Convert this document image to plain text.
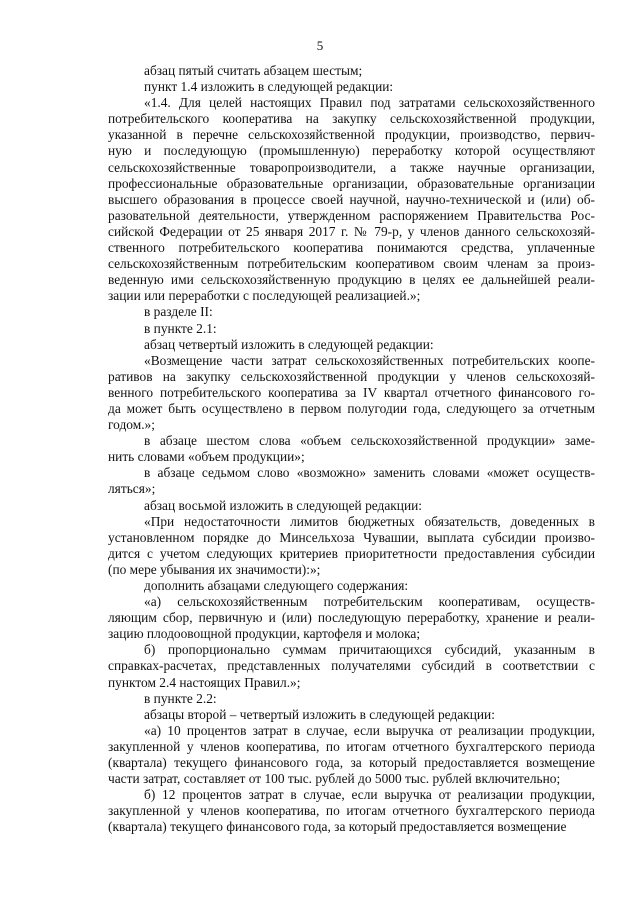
5
абзац пятый считать абзацем шестым;
пункт 1.4 изложить в следующей редакции:
«1.4. Для целей настоящих Правил под затратами сельскохозяйственного
потребительского кооператива на закупку сельскохозяйственной продукции,
указанной в перечне сельскохозяйственной продукции, производство, первич-
ную и последующую (промышленную) переработку которой осуществляют
сельскохозяйственные товаропроизводители, а также научные организации,
профессиональные образовательные организации, образовательные организации
высшего образования в процессе своей научной, научно-технической и (или) об-
разовательной деятельности, утвержденном распоряжением Правительства Рос-
сийской Федерации от 25 января 2017 г. № 79-р, у членов данного сельскохозяй-
ственного потребительского кооператива понимаются средства, уплаченные
сельскохозяйственным потребительским кооперативом своим членам за произ-
веденную ими сельскохозяйственную продукцию в целях ее дальнейшей реали-
зации или переработки с последующей реализацией.»;
в разделе II:
в пункте 2.1:
абзац четвертый изложить в следующей редакции:
«Возмещение части затрат сельскохозяйственных потребительских коопе-
ративов на закупку сельскохозяйственной продукции у членов сельскохозяй-
венного потребительского кооператива за IV квартал отчетного финансового го-
да может быть осуществлено в первом полугодии года, следующего за отчетным
годом.»;
в абзаце шестом слова «объем сельскохозяйственной продукции» заме-
нить словами «объем продукции»;
в абзаце седьмом слово «возможно» заменить словами «может осуществ-
ляться»;
абзац восьмой изложить в следующей редакции:
«При недостаточности лимитов бюджетных обязательств, доведенных в
установленном порядке до Минсельхоза Чувашии, выплата субсидии произво-
дится с учетом следующих критериев приоритетности предоставления субсидии
(по мере убывания их значимости):»;
дополнить абзацами следующего содержания:
«а) сельскохозяйственным потребительским кооперативам, осуществ-
ляющим сбор, первичную и (или) последующую переработку, хранение и реали-
зацию плодоовощной продукции, картофеля и молока;
б) пропорционально суммам причитающихся субсидий, указанным в
справках-расчетах, представленных получателями субсидий в соответствии с
пунктом 2.4 настоящих Правил.»;
в пункте 2.2:
абзацы второй – четвертый изложить в следующей редакции:
«а) 10 процентов затрат в случае, если выручка от реализации продукции,
закупленной у членов кооператива, по итогам отчетного бухгалтерского периода
(квартала) текущего финансового года, за который предоставляется возмещение
части затрат, составляет от 100 тыс. рублей до 5000 тыс. рублей включительно;
б) 12 процентов затрат в случае, если выручка от реализации продукции,
закупленной у членов кооператива, по итогам отчетного бухгалтерского периода
(квартала) текущего финансового года, за который предоставляется возмещение
